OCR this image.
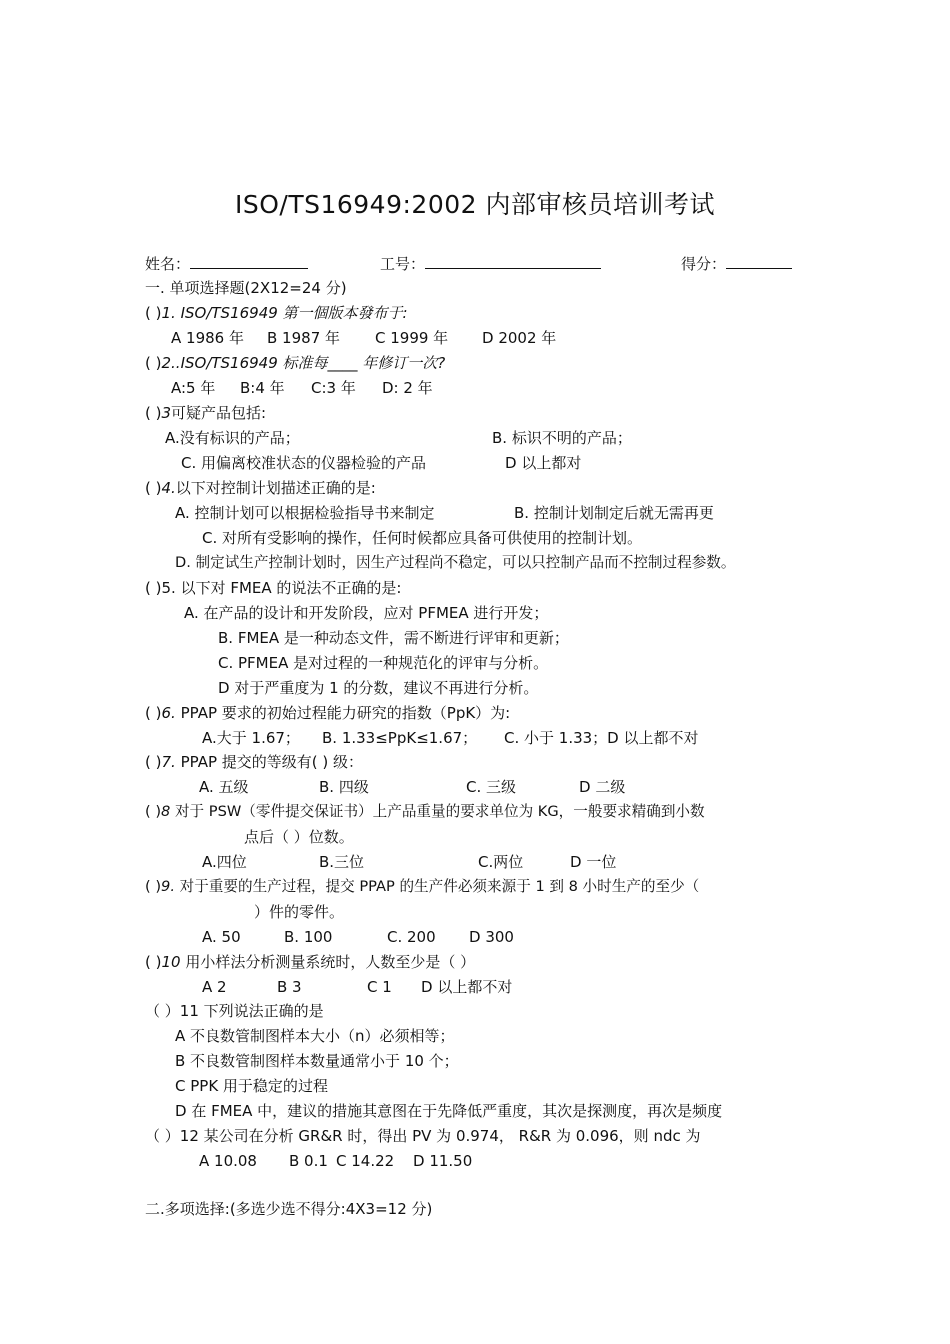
ISO/TS16949:2002 内部审核员培训考试
姓名：	工号：	得分：
一. 单项选择题(2X12=24 分)
( )1. ISO/TS16949 第一個版本發布于:
A 1986 年 B 1987 年 C 1999 年 D 2002 年
( )2..ISO/TS16949 标准每____ 年修订一次?
A:5 年 B:4 年 C:3 年 D: 2 年
( )3可疑产品包括:
A.没有标识的产品；	B. 标识不明的产品；
C. 用偏离校准状态的仪器检验的产品	D 以上都对
( )4.以下对控制计划描述正确的是:
A. 控制计划可以根据检验指导书来制定	B. 控制计划制定后就无需再更
C. 对所有受影响的操作，任何时候都应具备可供使用的控制计划。
D. 制定试生产控制计划时，因生产过程尚不稳定，可以只控制产品而不控制过程参数。
( )5. 以下对 FMEA 的说法不正确的是:
A. 在产品的设计和开发阶段，应对 PFMEA 进行开发；
B. FMEA 是一种动态文件，需不断进行评审和更新；
C. PFMEA 是对过程的一种规范化的评审与分析。
D 对于严重度为 1 的分数，建议不再进行分析。
( )6. PPAP 要求的初始过程能力研究的指数（PpK）为:
A.大于 1.67； B. 1.33≤PpK≤1.67； C. 小于 1.33；D 以上都不对
( )7. PPAP 提交的等级有( ) 级：
A. 五级	B. 四级	C. 三级	D 二级
( )8 对于 PSW（零件提交保证书）上产品重量的要求单位为 KG，一般要求精确到小数
点后（ ）位数。
A.四位	B.三位	C.两位	D 一位
( )9. 对于重要的生产过程，提交 PPAP 的生产件必须来源于 1 到 8 小时生产的至少（
）件的零件。
A. 50	B. 100	C. 200 D 300
( )10 用小样法分析测量系统时，人数至少是（ ）
A 2	B 3	C 1 D 以上都不对
（ ）11 下列说法正确的是
A 不良数管制图样本大小（n）必须相等；
B 不良数管制图样本数量通常小于 10 个；
C PPK 用于稳定的过程
D 在 FMEA 中，建议的措施其意图在于先降低严重度，其次是探测度，再次是频度
（ ）12 某公司在分析 GR&R 时，得出 PV 为 0.974， R&R 为 0.096，则 ndc 为
A 10.08 B 0.1 C 14.22 D 11.50
二.多项选择:(多选少选不得分:4X3=12 分)
